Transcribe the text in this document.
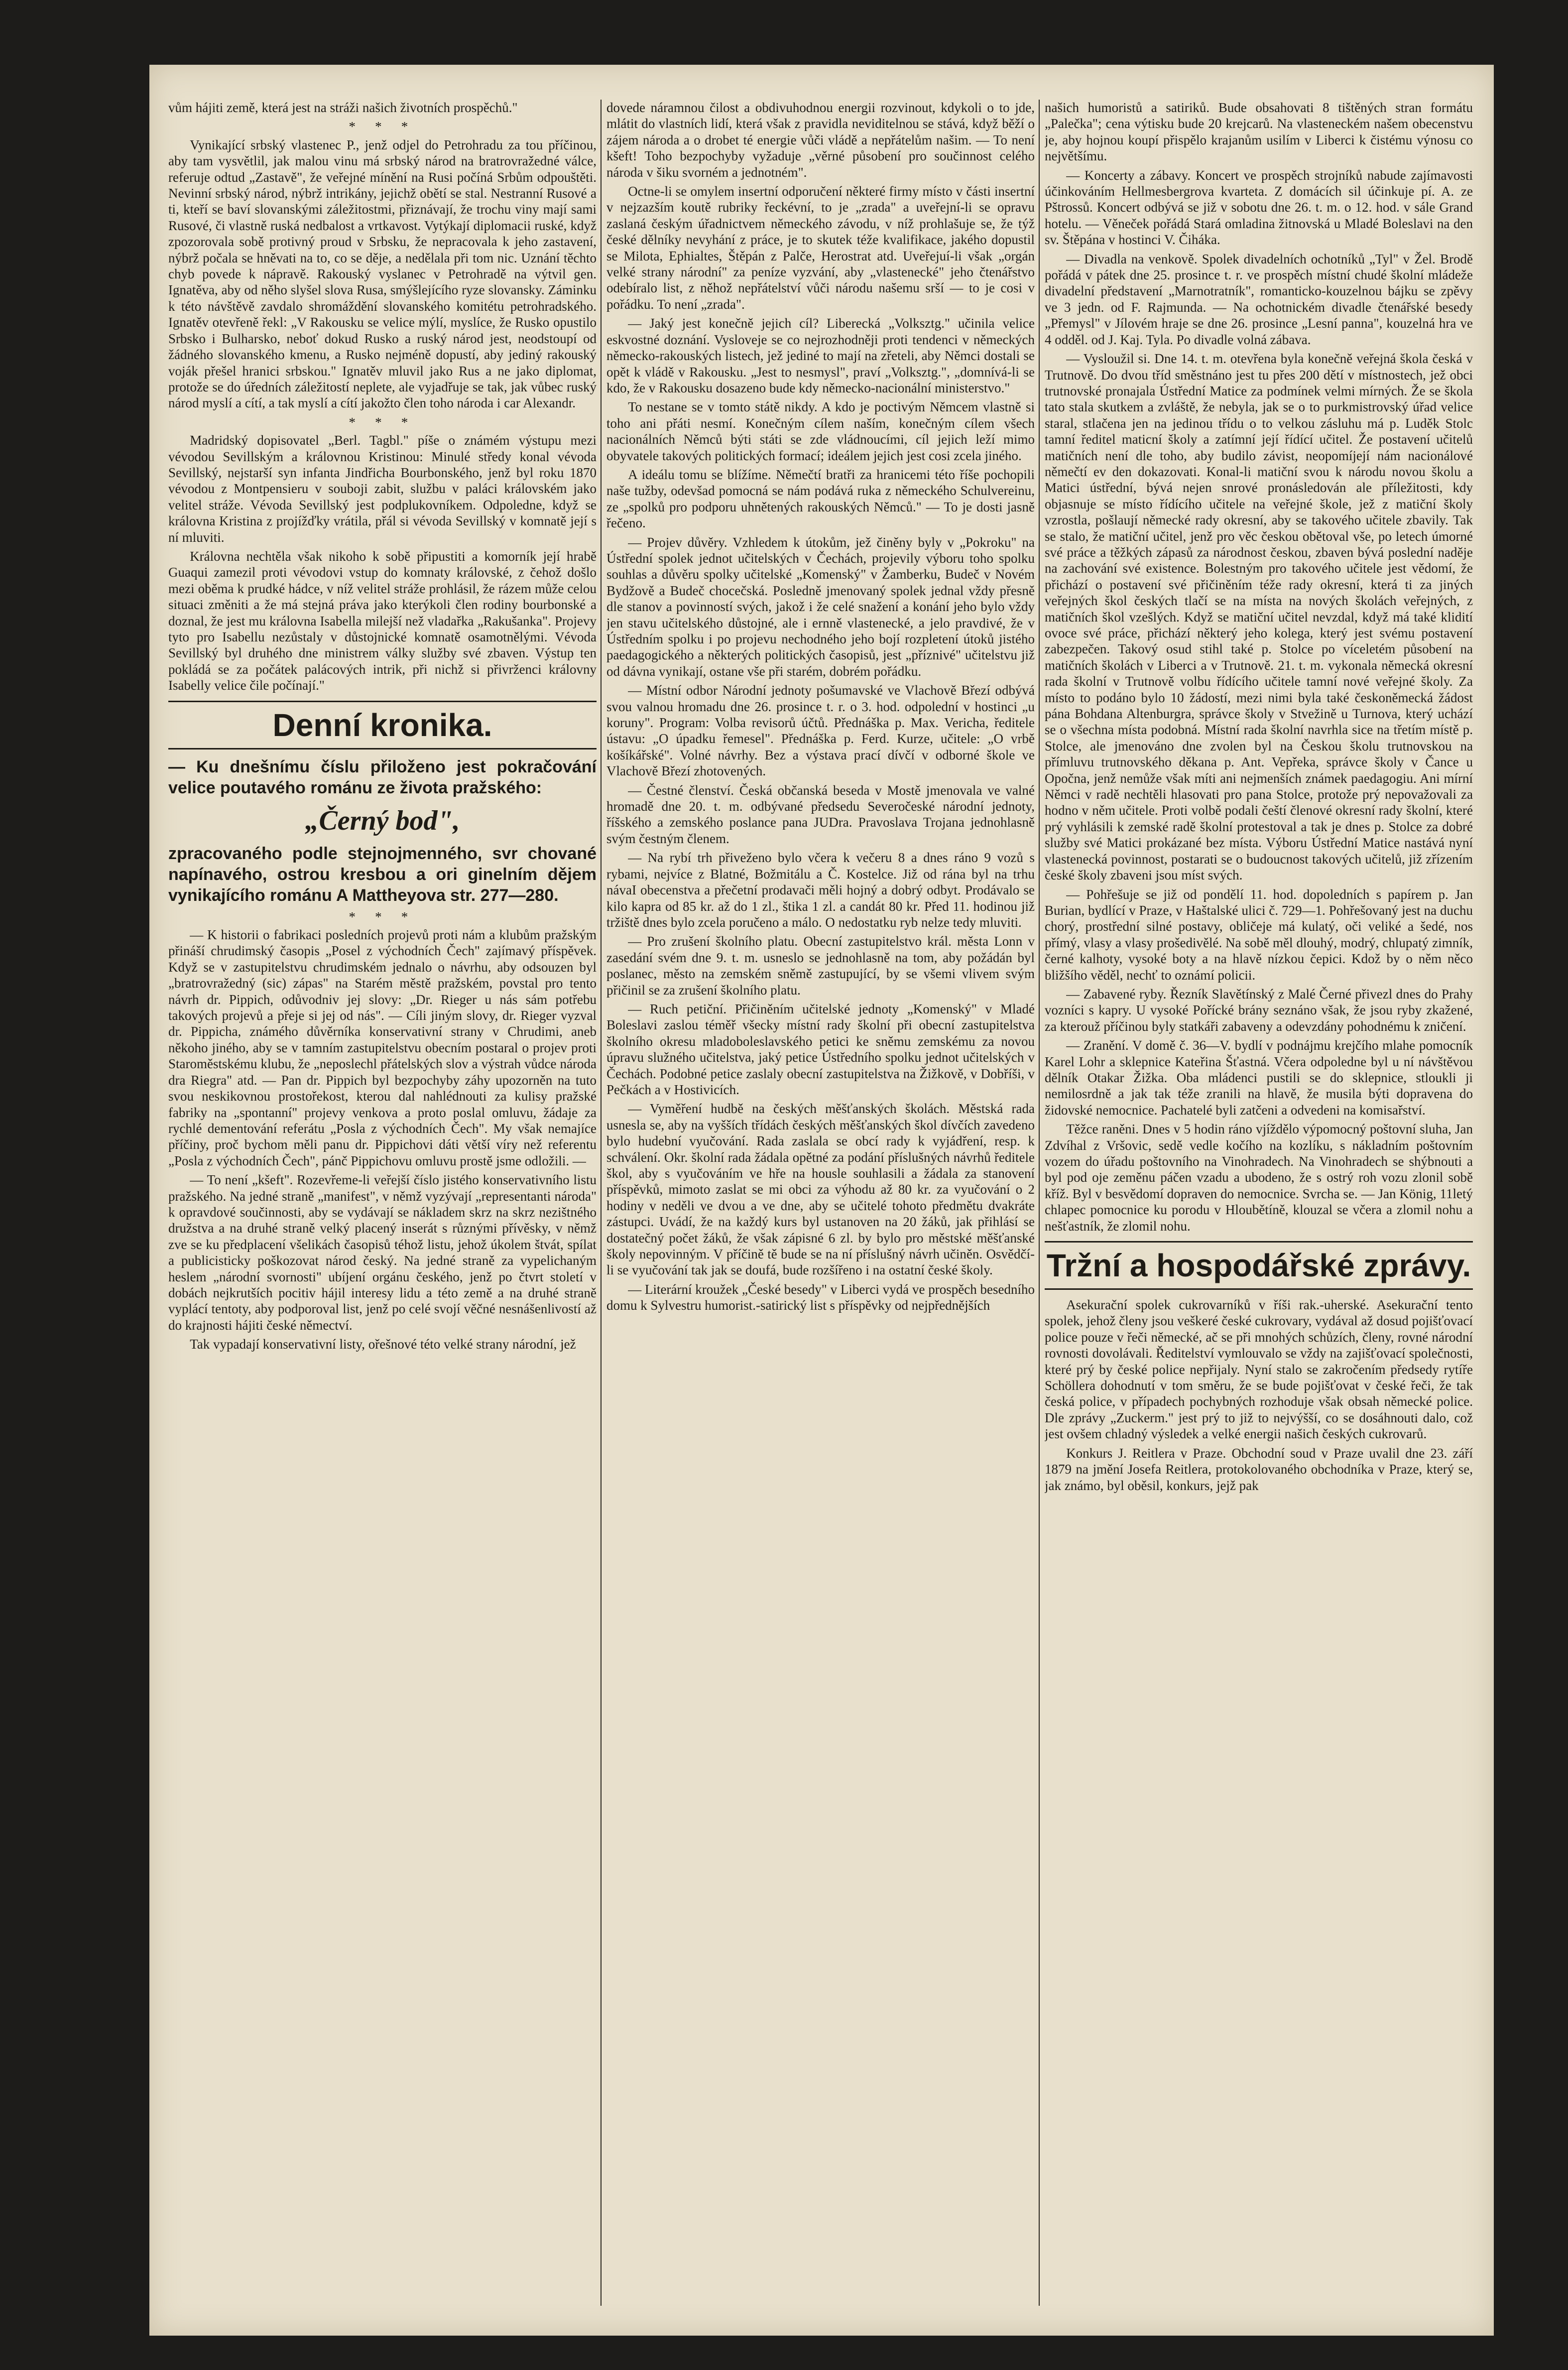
vům hájiti země, která jest na stráži našich životních prospěchů."

* * *

Vynikající srbský vlastenec P., jenž odjel do Petrohradu za tou příčinou, aby tam vysvětlil, jak malou vinu má srbský národ na bratrovražedné válce, referuje odtud „Zastavě", že veřejné mínění na Rusi počíná Srbům odpouštěti. Nevinní srbský národ, nýbrž intrikány, jejichž obětí se stal. Nestranní Rusové a ti, kteří se baví slovanskými záležitostmi, přiznávají, že trochu viny mají sami Rusové, či vlastně ruská nedbalost a vrtkavost. Vytýkají diplomacii ruské, když zpozorovala sobě protivný proud v Srbsku, že nepracovala k jeho zastavení, nýbrž počala se hněvati na to, co se děje, a nedělala při tom nic. Uznání těchto chyb povede k nápravě. Rakouský vyslanec v Petrohradě na výtvil gen. Ignatěva, aby od něho slyšel slova Rusa, smýšlejícího ryze slovansky. Záminku k této návštěvě zavdalo shromáždění slovanského komitétu petrohradského. Ignatěv otevřeně řekl: „V Rakousku se velice mýlí, myslíce, že Rusko opustilo Srbsko i Bulharsko, neboť dokud Rusko a ruský národ jest, neodstoupí od žádného slovanského kmenu, a Rusko nejméně dopustí, aby jediný rakouský voják přešel hranici srbskou." Ignatěv mluvil jako Rus a ne jako diplomat, protože se do úředních záležitostí neplete, ale vyjadřuje se tak, jak vůbec ruský národ myslí a cítí, a tak myslí a cítí jakožto člen toho národa i car Alexandr.

* * *

Madridský dopisovatel „Berl. Tagbl." píše o známém výstupu mezi vévodou Sevillským a královnou Kristinou: Minulé středy konal vévoda Sevillský, nejstarší syn infanta Jindřicha Bourbonského, jenž byl roku 1870 vévodou z Montpensieru v souboji zabit, službu v paláci královském jako velitel stráže. Vévoda Sevillský jest podplukovníkem. Odpoledne, když se královna Kristina z projížďky vrátila, přál si vévoda Sevillský v komnatě její s ní mluviti.

Královna nechtěla však nikoho k sobě připustiti a komorník její hrabě Guaqui zamezil proti vévodovi vstup do komnaty královské, z čehož došlo mezi oběma k prudké hádce, v níž velitel stráže prohlásil, že rázem může celou situaci změniti a že má stejná práva jako kterýkoli člen rodiny bourbonské a doznal, že jest mu královna Isabella milejší než vladařka „Rakušanka". Projevy tyto pro Isabellu nezůstaly v důstojnické komnatě osamotnělými. Vévoda Sevillský byl druhého dne ministrem války služby své zbaven. Výstup ten pokládá se za počátek palácových intrik, při nichž si přivrženci královny Isabelly velice čile počínají."

Denní kronika.

— Ku dnešnímu číslu přiloženo jest pokračování velice poutavého románu ze života pražského:

„Černý bod",

zpracovaného podle stejnojmenného, svr chované napínavého, ostrou kresbou a ori ginelním dějem vynikajícího románu A Mattheyova str. 277—280.

* * *

— K historii o fabrikaci posledních projevů proti nám a klubům pražským přináší chrudimský časopis „Posel z východních Čech" zajímavý příspěvek. Když se v zastupitelstvu chrudimském jednalo o návrhu, aby odsouzen byl „bratrovražedný (sic) zápas" na Starém městě pražském, povstal pro tento návrh dr. Pippich, odůvodniv jej slovy: „Dr. Rieger u nás sám potřebu takových projevů a přeje si jej od nás". — Cíli jiným slovy, dr. Rieger vyzval dr. Pippicha, známého důvěrníka konservativní strany v Chrudimi, aneb někoho jiného, aby se v tamním zastupitelstvu obecním postaral o projev proti Staroměstskému klubu, že „neposlechl přátelských slov a výstrah vůdce národa dra Riegra" atd. — Pan dr. Pippich byl bezpochyby záhy upozorněn na tuto svou neskikovnou prostořekost, kterou dal nahlédnouti za kulisy pražské fabriky na „spontanní" projevy venkova a proto poslal omluvu, žádaje za rychlé dementování referátu „Posla z východních Čech". My však nemajíce příčiny, proč bychom měli panu dr. Pippichovi dáti větší víry než referentu „Posla z východních Čech", pánč Pippichovu omluvu prostě jsme odložili. —

— To není „kšeft". Rozevřeme-li veřejší číslo jistého konservativního listu pražského. Na jedné straně „manifest", v němž vyzývají „representanti národa" k opravdové součinnosti, aby se vydávají se nákladem skrz na skrz nezištného družstva a na druhé straně velký placený inserát s různými přívěsky, v němž zve se ku předplacení všelikách časopisů téhož listu, jehož úkolem štvát, spílat a publicisticky poškozovat národ český. Na jedné straně za vypelichaným heslem „národní svornosti" ubíjení orgánu českého, jenž po čtvrt století v dobách nejkrutších pocitiv hájil interesy lidu a této země a na druhé straně vyplácí tentoty, aby podporoval list, jenž po celé svojí věčné nesnášenlivostí až do krajnosti hájiti české němectví.

Tak vypadají konservativní listy, ořešnové této velké strany národní, jež

dovede náramnou čilost a obdivuhodnou energii rozvinout, kdykoli o to jde, mlátit do vlastních lidí, která však z pravidla neviditelnou se stává, když běží o zájem národa a o drobet té energie vůči vládě a nepřátelům našim. — To není kšeft! Toho bezpochyby vyžaduje „věrné působení pro součinnost celého národa v šiku svorném a jednotném".

Octne-li se omylem insertní odporučení některé firmy místo v části insertní v nejzazším koutě rubriky řeckévní, to je „zrada" a uveřejní-li se opravu zaslaná českým úřadnictvem německého závodu, v níž prohlašuje se, že týž české dělníky nevyhání z práce, je to skutek téže kvalifikace, jakého dopustil se Milota, Ephialtes, Štěpán z Palče, Herostrat atd. Uveřejuí-li však „orgán velké strany národní" za peníze vyzvání, aby „vlastenecké" jeho čtenářstvo odebíralo list, z něhož nepřátelství vůči národu našemu srší — to je cosi v pořádku. To není „zrada".

— Jaký jest konečně jejich cíl? Liberecká „Volksztg." učinila velice eskvostné doznání. Vysloveje se co nejrozhodněji proti tendenci v německých německo-rakouských listech, jež jediné to mají na zřeteli, aby Němci dostali se opět k vládě v Rakousku. „Jest to nesmysl", praví „Volksztg.", „domnívá-li se kdo, že v Rakousku dosazeno bude kdy německo-nacionální ministerstvo."

To nestane se v tomto státě nikdy. A kdo je poctivým Němcem vlastně si toho ani přáti nesmí. Konečným cílem naším, konečným cílem všech nacionálních Němců býti státi se zde vládnoucími, cíl jejich leží mimo obyvatele takových politických formací; ideálem jejich jest cosi zcela jiného.

A ideálu tomu se blížíme. Němečtí bratři za hranicemi této říše pochopili naše tužby, odevšad pomocná se nám podává ruka z německého Schulvereinu, ze „spolků pro podporu uhnětených rakouských Němců." — To je dosti jasně řečeno.

— Projev důvěry. Vzhledem k útokům, jež činěny byly v „Pokroku" na Ústřední spolek jednot učitelských v Čechách, projevily výboru toho spolku souhlas a důvěru spolky učitelské „Komenský" v Žamberku, Budeč v Novém Bydžově a Budeč chocečská. Posledně jmenovaný spolek jednal vždy přesně dle stanov a povinností svých, jakož i že celé snažení a konání jeho bylo vždy jen stavu učitelského důstojné, ale i ernně vlastenecké, a jelo pravdivé, že v Ústředním spolku i po projevu nechodného jeho bojí rozpletení útoků jistého paedagogického a některých politických časopisů, jest „příznivé" učitelstvu již od dávna vynikají, ostane vše při starém, dobrém pořádku.

— Místní odbor Národní jednoty pošumavské ve Vlachově Březí odbývá svou valnou hromadu dne 26. prosince t. r. o 3. hod. odpolední v hostinci „u koruny". Program: Volba revisorů účtů. Přednáška p. Max. Vericha, ředitele ústavu: „O úpadku řemesel". Přednáška p. Ferd. Kurze, učitele: „O vrbě košíkářské". Volné návrhy. Bez a výstava prací dívčí v odborné škole ve Vlachově Březí zhotovených.

— Čestné členství. Česká občanská beseda v Mostě jmenovala ve valné hromadě dne 20. t. m. odbývané předsedu Severočeské národní jednoty, říšského a zemského poslance pana JUDra. Pravoslava Trojana jednohlasně svým čestným členem.

— Na rybí trh přiveženo bylo včera k večeru 8 a dnes ráno 9 vozů s rybami, nejvíce z Blatné, Božmitálu a Č. Kostelce. Již od rána byl na trhu návaI obecenstva a přečetní prodavači měli hojný a dobrý odbyt. Prodávalo se kilo kapra od 85 kr. až do 1 zl., štika 1 zl. a candát 80 kr. Před 11. hodinou již tržiště dnes bylo zcela poručeno a málo. O nedostatku ryb nelze tedy mluviti.

— Pro zrušení školního platu. Obecní zastupitelstvo král. města Lonn v zasedání svém dne 9. t. m. usneslo se jednohlasně na tom, aby požádán byl poslanec, město na zemském sněmě zastupující, by se všemi vlivem svým přičinil se za zrušení školního platu.

— Ruch petiční. Přičiněním učitelské jednoty „Komenský" v Mladé Boleslavi zaslou téměř všecky místní rady školní při obecní zastupitelstva školního okresu mladoboleslavského petici ke sněmu zemskému za novou úpravu služného učitelstva, jaký petice Ústředního spolku jednot učitelských v Čechách. Podobné petice zaslaly obecní zastupitelstva na Žižkově, v Dobříši, v Pečkách a v Hostivicích.

— Vyměření hudbě na českých měšťanských školách. Městská rada usnesla se, aby na vyšších třídách českých měšťanských škol dívčích zavedeno bylo hudební vyučování. Rada zaslala se obcí rady k vyjádření, resp. k schválení. Okr. školní rada žádala opětné za podání příslušných návrhů ředitele škol, aby s vyučováním ve hře na housle souhlasili a žádala za stanovení příspěvků, mimoto zaslat se mi obci za výhodu až 80 kr. za vyučování o 2 hodiny v neděli ve dvou a ve dne, aby se učitelé tohoto předmětu dvakráte zástupci. Uvádí, že na každý kurs byl ustanoven na 20 žáků, jak přihlásí se dostatečný počet žáků, že však zápisné 6 zl. by bylo pro městské měšťanské školy nepovinným. V příčině tě bude se na ní příslušný návrh učiněn. Osvědčí-li se vyučování tak jak se doufá, bude rozšířeno i na ostatní české školy.

— Literární kroužek „České besedy" v Liberci vydá ve prospěch besedního domu k Sylvestru humorist.-satirický list s příspěvky od nejpřednějších

našich humoristů a satiriků. Bude obsahovati 8 tištěných stran formátu „Palečka"; cena výtisku bude 20 krejcarů. Na vlasteneckém našem obecenstvu je, aby hojnou koupí přispělo krajanům usilím v Liberci k čistému výnosu co největšímu.

— Koncerty a zábavy. Koncert ve prospěch strojníků nabude zajímavosti účinkováním Hellmesbergrova kvarteta. Z domácích sil účinkuje pí. A. ze Pštrossů. Koncert odbývá se již v sobotu dne 26. t. m. o 12. hod. v sále Grand hotelu. — Věneček pořádá Stará omladina žitnovská u Mladé Boleslavi na den sv. Štěpána v hostinci V. Čiháka.

— Divadla na venkově. Spolek divadelních ochotníků „Tyl" v Žel. Brodě pořádá v pátek dne 25. prosince t. r. ve prospěch místní chudé školní mládeže divadelní představení „Marnotratník", romanticko-kouzelnou bájku se zpěvy ve 3 jedn. od F. Rajmunda. — Na ochotnickém divadle čtenářské besedy „Přemysl" v Jílovém hraje se dne 26. prosince „Lesní panna", kouzelná hra ve 4 odděl. od J. Kaj. Tyla. Po divadle volná zábava.

— Vysloužil si. Dne 14. t. m. otevřena byla konečně veřejná škola česká v Trutnově. Do dvou tříd směstnáno jest tu přes 200 dětí v místnostech, jež obci trutnovské pronajala Ústřední Matice za podmínek velmi mírných. Že se škola tato stala skutkem a zvláště, že nebyla, jak se o to purkmistrovský úřad velice staral, stlačena jen na jedinou třídu o to velkou zásluhu má p. Luděk Stolc tamní ředitel maticní školy a zatímní její řídící učitel. Že postavení učitelů matičních není dle toho, aby budilo závist, neopomíjejí nám nacionálové němečtí ev den dokazovati. Konal-li matiční svou k národu novou školu a Matici ústřední, bývá nejen snrové pronásledován ale příležitosti, kdy objasnuje se místo řídícího učitele na veřejné škole, jež z matiční školy vzrostla, pošlaují německé rady okresní, aby se takového učitele zbavily. Tak se stalo, že matiční učitel, jenž pro věc českou obětoval vše, po letech úmorné své práce a těžkých zápasů za národnost českou, zbaven bývá poslední naděje na zachování své existence. Bolestným pro takového učitele jest vědomí, že přichází o postavení své přičiněním téže rady okresní, která ti za jiných veřejných škol českých tlačí se na místa na nových školách veřejných, z matičních škol vzešlých. Když se matiční učitel nevzdal, když má také klidití ovoce své práce, přichází některý jeho kolega, který jest svému postavení zabezpečen. Takový osud stihl také p. Stolce po víceletém působení na matičních školách v Liberci a v Trutnově. 21. t. m. vykonala německá okresní rada školní v Trutnově volbu řídícího učitele tamní nové veřejné školy. Za místo to podáno bylo 10 žádostí, mezi nimi byla také českoněmecká žádost pána Bohdana Altenburgra, správce školy v Stvežině u Turnova, který uchází se o všechna místa podobná. Místní rada školní navrhla sice na třetím místě p. Stolce, ale jmenováno dne zvolen byl na Českou školu trutnovskou na přímluvu trutnovského děkana p. Ant. Vepřeka, správce školy v Čance u Opočna, jenž nemůže však míti ani nejmenších známek paedagogiu. Ani mírní Němci v radě nechtěli hlasovati pro pana Stolce, protože prý nepovažovali za hodno v něm učitele. Proti volbě podali čeští členové okresní rady školní, které prý vyhlásili k zemské radě školní protestoval a tak je dnes p. Stolce za dobré služby své Matici prokázané bez místa. Výboru Ústřední Matice nastává nyní vlastenecká povinnost, postarati se o budoucnost takových učitelů, již zřízením české školy zbaveni jsou míst svých.

— Pohřešuje se již od pondělí 11. hod. dopoledních s papírem p. Jan Burian, bydlící v Praze, v Haštalské ulici č. 729—1. Pohřešovaný jest na duchu chorý, prostřední silné postavy, obličeje má kulatý, oči veliké a šedé, nos přímý, vlasy a vlasy prošedivělé. Na sobě měl dlouhý, modrý, chlupatý zimník, černé kalhoty, vysoké boty a na hlavě nízkou čepici. Kdož by o něm něco bližšího věděl, nechť to oznámí policii.

— Zabavené ryby. Řezník Slavětínský z Malé Černé přivezl dnes do Prahy vozníci s kapry. U vysoké Pořícké brány seznáno však, že jsou ryby zkažené, za kterouž příčinou byly statkáři zabaveny a odevzdány pohodnému k zničení.

— Zranění. V domě č. 36—V. bydlí v podnájmu krejčího mlahe pomocník Karel Lohr a sklepnice Kateřina Šťastná. Včera odpoledne byl u ní návštěvou dělník Otakar Žižka. Oba mládenci pustili se do sklepnice, stloukli ji nemilosrdně a jak tak téže zranili na hlavě, že musila býti dopravena do židovské nemocnice. Pachatelé byli zatčeni a odvedeni na komisařství.

Těžce raněni. Dnes v 5 hodin ráno vjíždělo výpomocný poštovní sluha, Jan Zdvíhal z Vršovic, sedě vedle kočího na kozlíku, s nákladním poštovním vozem do úřadu poštovního na Vinohradech. Na Vinohradech se shýbnouti a byl pod oje zeměnu páčen vzadu a ubodeno, že s ostrý roh vozu zlonil sobě kříž. Byl v besvědomí dopraven do nemocnice. Svrcha se. — Jan König, 11letý chlapec pomocnice ku porodu v Hloubětíně, klouzal se včera a zlomil nohu a nešťastník, že zlomil nohu.

Tržní a hospodářské zprávy.

Asekurační spolek cukrovarníků v říši rak.-uherské. Asekurační tento spolek, jehož členy jsou veškeré české cukrovary, vydával až dosud pojišťovací police pouze v řeči německé, ač se při mnohých schůzích, členy, rovné národní rovnosti dovolávali. Ředitelství vymlouvalo se vždy na zajišťovací společnosti, které prý by české police nepřijaly. Nyní stalo se zakročením předsedy rytíře Schöllera dohodnutí v tom směru, že se bude pojišťovat v české řeči, že tak česká police, v případech pochybných rozhoduje však obsah německé police. Dle zprávy „Zuckerm." jest prý to již to nejvýšší, co se dosáhnouti dalo, což jest ovšem chladný výsledek a velké energii našich českých cukrovarů.

Konkurs J. Reitlera v Praze. Obchodní soud v Praze uvalil dne 23. září 1879 na jmění Josefa Reitlera, protokolovaného obchodníka v Praze, který se, jak známo, byl oběsil, konkurs, jejž pak
